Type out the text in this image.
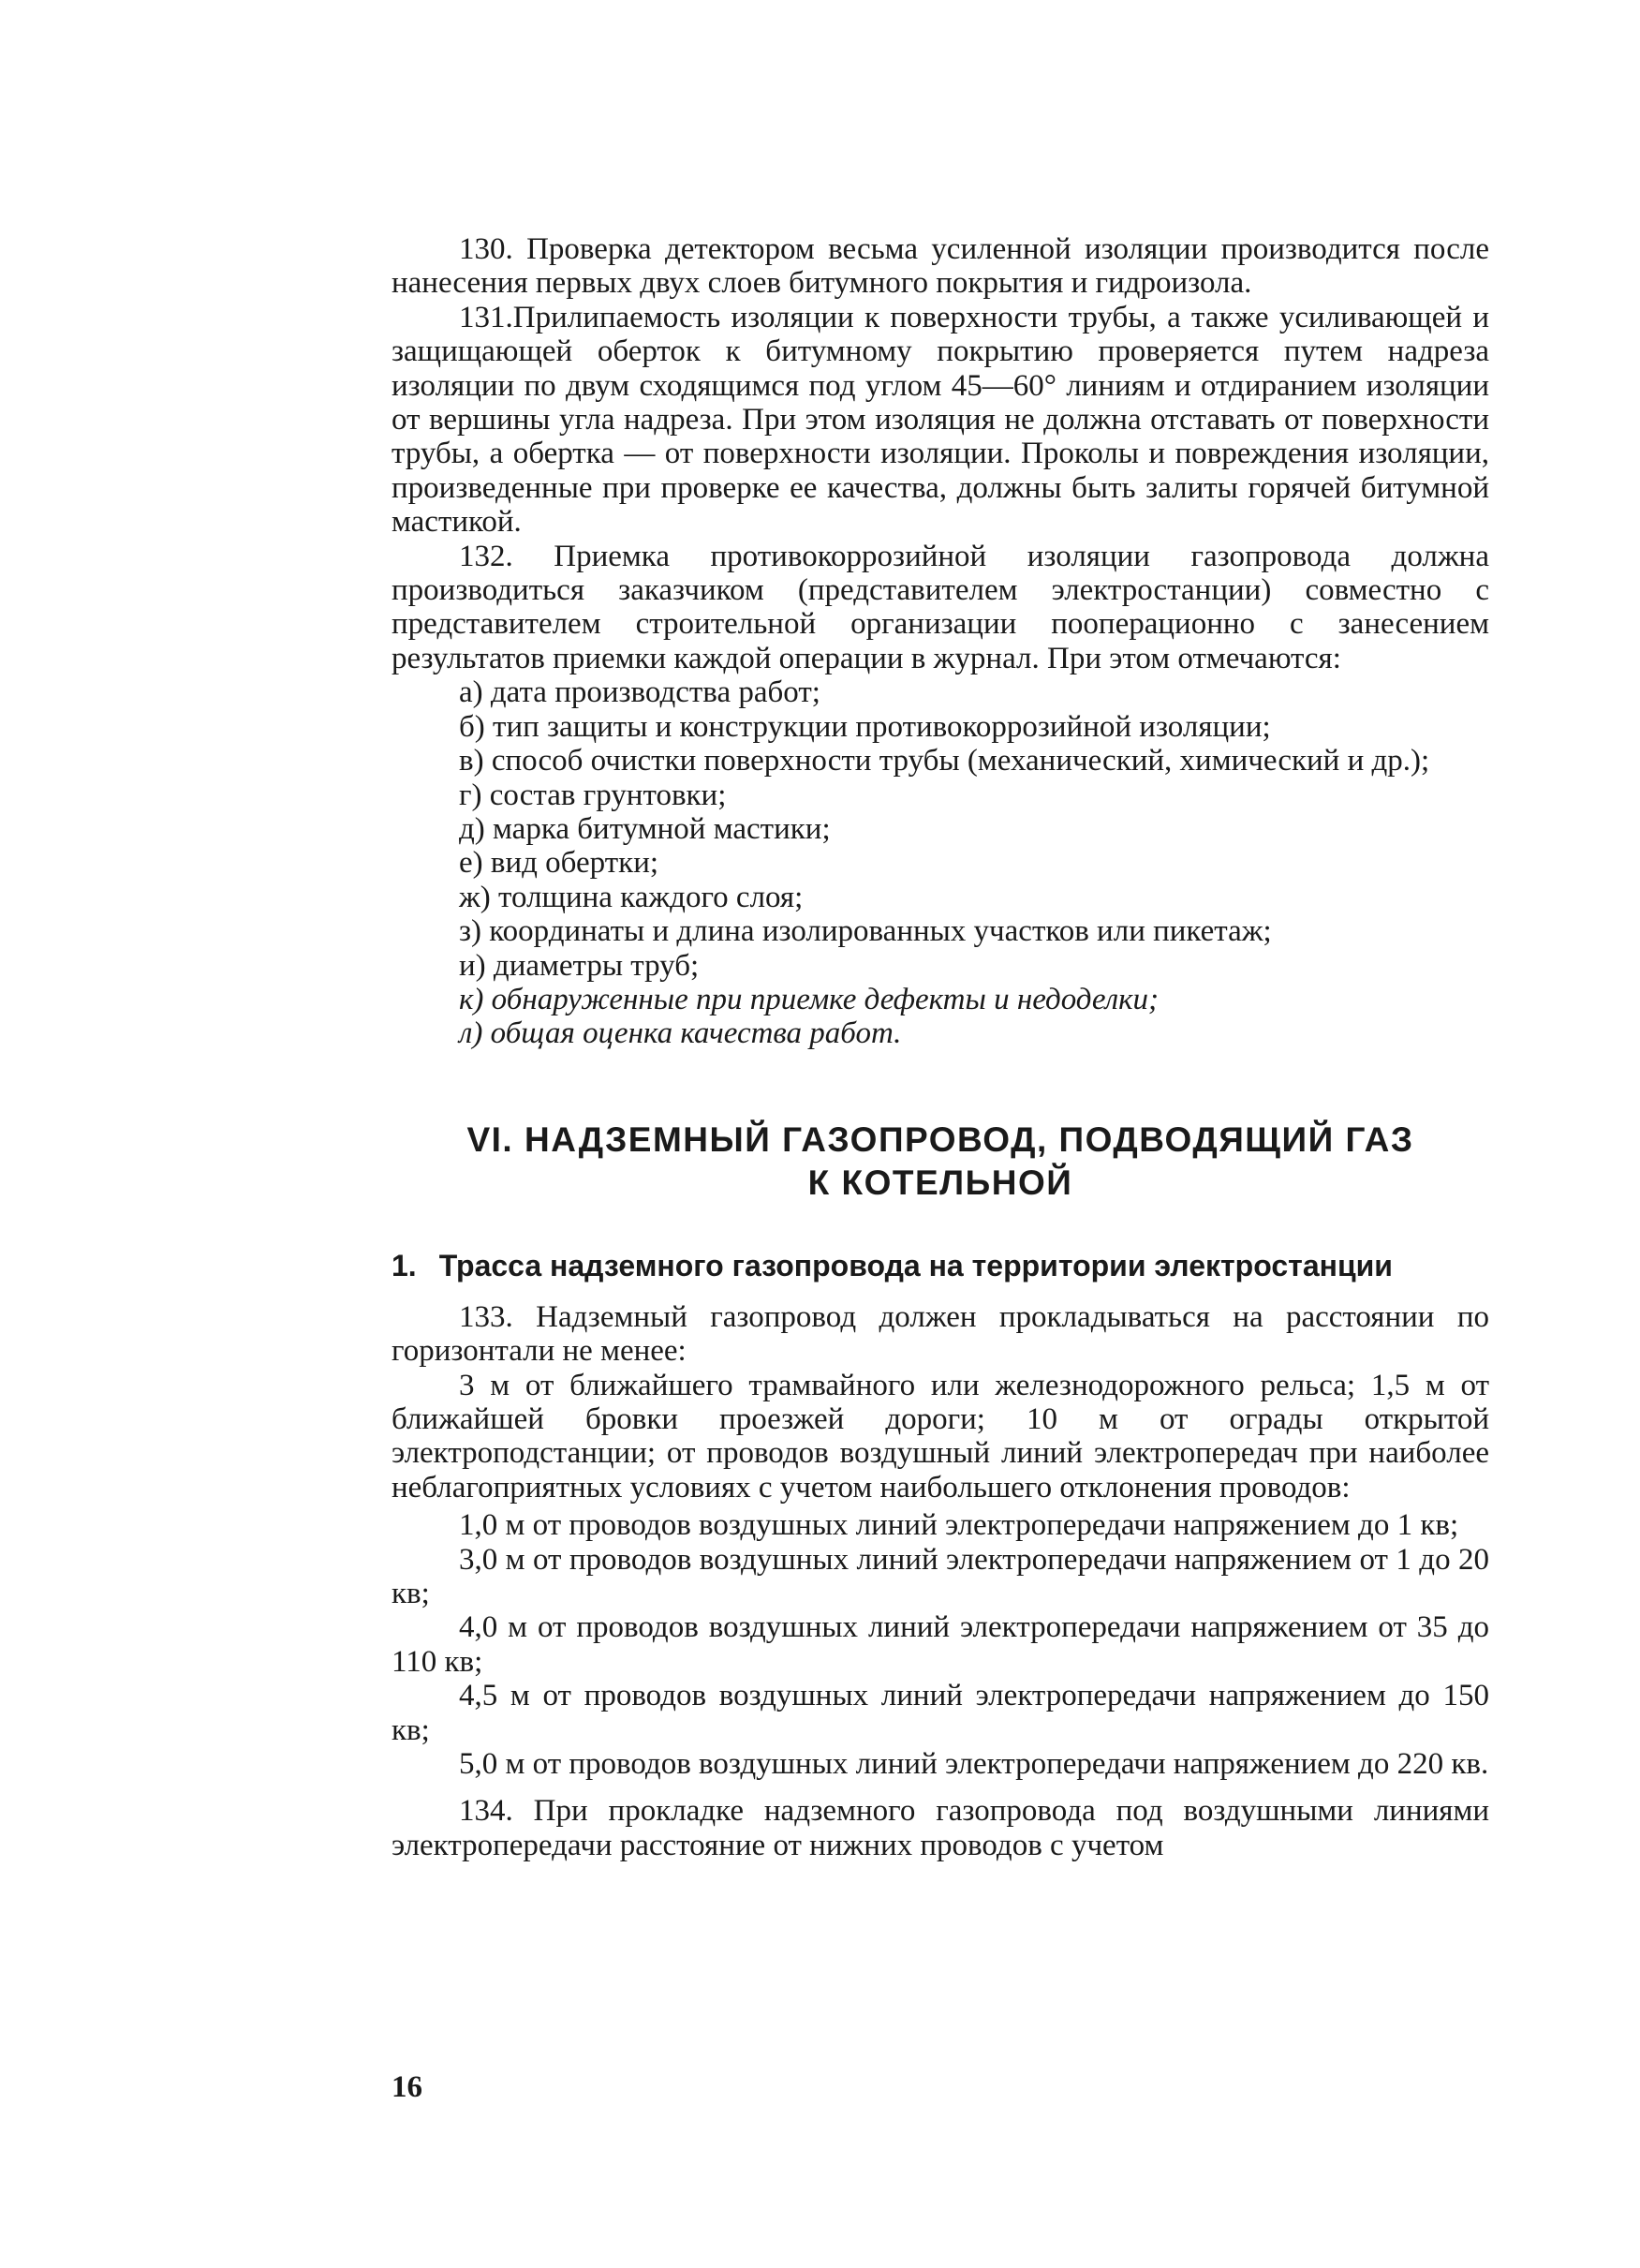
130. Проверка детектором весьма усиленной изоляции производится после нанесения первых двух слоев битумного покрытия и гидроизола.

131.Прилипаемость изоляции к поверхности трубы, а также усиливающей и защищающей оберток к битумному покрытию проверяется путем надреза изоляции по двум сходящимся под углом 45—60° линиям и отдиранием изоляции от вершины угла надреза. При этом изоляция не должна отставать от поверхности трубы, а обертка — от поверхности изоляции. Проколы и повреждения изоляции, произведенные при проверке ее качества, должны быть залиты горячей битумной мастикой.

132. Приемка противокоррозийной изоляции газопровода должна производиться заказчиком (представителем электростанции) совместно с представителем строительной организации пооперационно с занесением результатов приемки каждой операции в журнал. При этом отмечаются:

а) дата производства работ;
б) тип защиты и конструкции противокоррозийной изоляции;
в) способ очистки поверхности трубы (механический, химический и др.);
г) состав грунтовки;
д) марка битумной мастики;
е) вид обертки;
ж) толщина каждого слоя;
з) координаты и длина изолированных участков или пикетаж;
и) диаметры труб;
к) обнаруженные при приемке дефекты и недоделки;
л) общая оценка качества работ.
VI. НАДЗЕМНЫЙ ГАЗОПРОВОД, ПОДВОДЯЩИЙ ГАЗ
К КОТЕЛЬНОЙ
1. Трасса надземного газопровода на территории электростанции

133. Надземный газопровод должен прокладываться на расстоянии по горизонтали не менее:

3 м от ближайшего трамвайного или железнодорожного рельса; 1,5 м от ближайшей бровки проезжей дороги; 10 м от ограды открытой электроподстанции; от проводов воздушный линий электропередач при наиболее неблагоприятных условиях с учетом наибольшего отклонения проводов:

1,0 м от проводов воздушных линий электропередачи напряжением до 1 кв;

3,0 м от проводов воздушных линий электропередачи напряжением от 1 до 20 кв;

4,0 м от проводов воздушных линий электропередачи напряжением от 35 до 110 кв;

4,5 м от проводов воздушных линий электропередачи напряжением до 150 кв;

5,0 м от проводов воздушных линий электропередачи напряжением до 220 кв.

134. При прокладке надземного газопровода под воздушными линиями электропередачи расстояние от нижних проводов с учетом

16
